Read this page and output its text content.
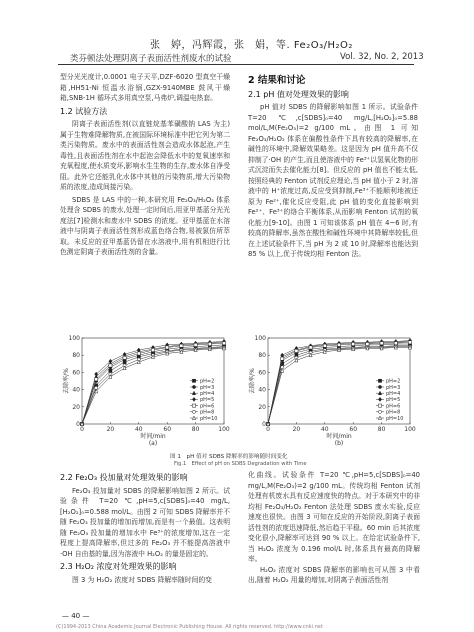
张　婷，冯辉霞，张　娟，等. Fe₂O₃/H₂O₂
类芬顿法处理阴离子表面活性剂废水的试验	Vol. 32, No. 2, 2013

型分光光度计,0.0001 电子天平,DZF-6020 型真空干燥箱,HH51-Ni 恒温水浴锅,GZX-9140MBE 鼓风干燥箱,SNB-1H 循环式多用真空泵,马弗炉,调温电热套。

1.2 试验方法

阴离子表面活性剂(以直链烷基苯磺酸钠 LAS 为主)属于生物难降解物质,在被国际环境标准中把它列为第二类污染物质。废水中的表面活性剂会造成水体起泡,产生毒性,且表面活性剂在水中起泡会降低水中的复氧速率和充氧程度,使水质变坏,影响水生生物的生存,废水体自净受阻。此外它还能乳化水体中其他的污染物质,增大污染物质的浓度,造成间接污染。

SDBS 是 LAS 中的一种,本研究用 Fe₂O₃/H₂O₂ 体系处理含 SDBS 的废水,处理一定时间后,用亚甲基蓝分光光度法[7]检测水和废水中 SDBS 的浓度。亚甲基蓝在水溶液中与阴离子表面活性剂形成蓝色络合物,易被氯仿所萃取。未反应的亚甲基蓝仍留在水溶液中,用有机相进行比色测定阴离子表面活性剂的含量。

2 结果和讨论
2.1 pH 值对处理效果的影响

pH 值对 SDBS 的降解影响如图 1 所示。试验条件 T=20 ℃,c[SDBS]₀=40 mg/L,[H₂O₂]₀=5.88 mol/L,M(Fe₂O₃)=2 g/100 mL。由图 1 可知 Fe₂O₃/H₂O₂ 体系在偏酸性条件下具有较高的降解率,在碱性的环境中,降解效果略差。这是因为 pH 值升高不仅抑制了·OH 的产生,而且使溶液中的 Fe³⁺以氢氧化物的形式沉淀而失去催化能力[8]。但反应的 pH 值也不能太低,按照经典的 Fenton 试剂反应理论,当 pH 值小于 2 时,溶液中的 H⁺浓度过高,反应受到抑制,Fe³⁺不能顺利地被还原为 Fe²⁺,催化反应受阻,此 pH 值的变化直接影响到 Fe²⁺、Fe³⁺的络合平衡体系,从而影响 Fenton 试剂的氧化能力[9-10]。由图 1 可知该体系 pH 值在 4~6 时,有较高的降解率,虽然在酸性和碱性环境中其降解率较低,但在上述试验条件下,当 pH 为 2 或 10 时,降解率也能达到 85 % 以上,优于传统均相 Fenton 法。

0	20	40	60	80	100
0
20
40
60
80
100
时间/min
去除率/%
(a)
pH=2
pH=3
pH=4
pH=5
pH=6
pH=8
pH=10
0	20	40	60	80	100
0
20
40
60
80
100
时间/min
去除率/%
(b)
pH=2
pH=3
pH=4
pH=5
pH=6
pH=8
pH=10
图 1　pH 值对 SDBS 降解率的影响随时间变化
Fig.1　Effect of pH on SDBS Degradation with Time
2.2 Fe₂O₃ 投加量对处理效果的影响

Fe₂O₃ 投加量对 SDBS 的降解影响如图 2 所示。试验条件 T=20 ℃,pH=5,c[SDBS]₀=40 mg/L,[H₂O₂]₀=0.588 mol/L。由图 2 可知 SDBS 降解率并不随 Fe₂O₃ 投加量的增加而增加,而是有一个最值。这表明随 Fe₂O₃ 投加量的增加水中 Fe³⁺的浓度增加,这在一定程度上提高降解率,但过多的 Fe₂O₃ 并不能提高溶液中·OH 自由基的量,因为溶液中 H₂O₂ 的量是固定的。

2.3 H₂O₂ 浓度对处理效果的影响

图 3 为 H₂O₂ 浓度对 SDBS 降解率随时间的变

化曲线。试验条件 T=20 ℃,pH=5,c[SDBS]₀=40 mg/L,M(Fe₂O₃)=2 g/100 mL。传统均相 Fenton 试剂处理有机废水具有反应速度快的特点。对于本研究中的非均相 Fe₂O₃/H₂O₂ Fenton 法处理 SDBS 废水实验,反应速度也很快。由图 3 可知在反应的开始阶段,阴离子表面活性剂的浓度迅速降低,然后趋于平稳。60 min 后其浓度变化很小,降解率可达到 90 % 以上。在给定试验条件下,当 H₂O₂ 浓度为 0.196 mol/L 时,体系具有最高的降解率。

H₂O₂ 浓度对 SDBS 降解率的影响也可从图 3 中看出,随着 H₂O₂ 用量的增加,对阴离子表面活性剂

— 40 —
(C)1994-2013 China Academic Journal Electronic Publishing House. All rights reserved. http://www.cnki.net
